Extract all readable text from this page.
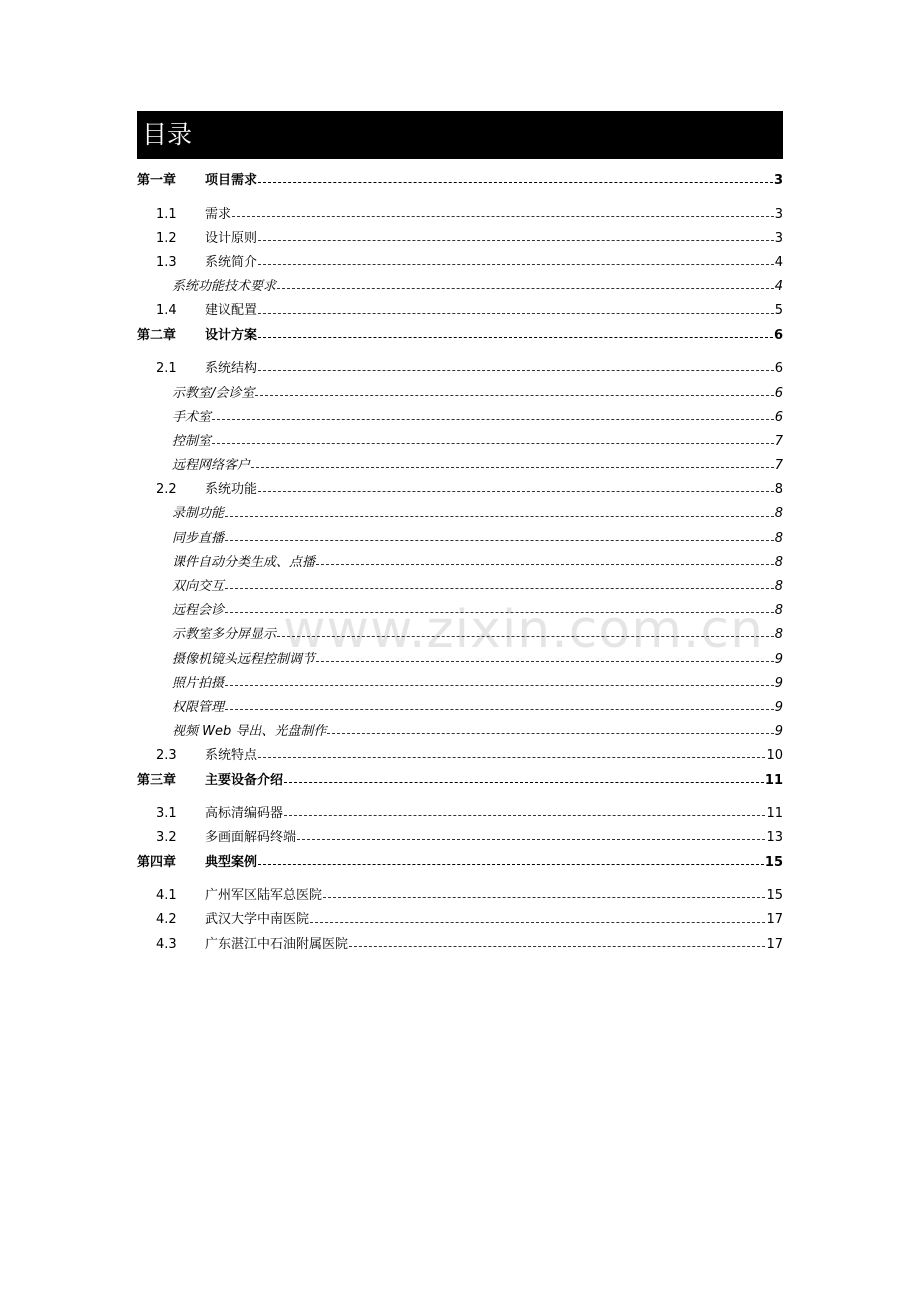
目录
第一章	项目需求	3
1.1	需求	3
1.2	设计原则	3
1.3	系统简介	4
系统功能技术要求	4
1.4	建议配置	5
第二章	设计方案	6
2.1	系统结构	6
示教室/会诊室	6
手术室	6
控制室	7
远程网络客户	7
2.2	系统功能	8
录制功能	8
同步直播	8
课件自动分类生成、点播	8
双向交互	8
远程会诊	8
示教室多分屏显示	8
摄像机镜头远程控制调节	9
照片拍摄	9
权限管理	9
视频 Web 导出、光盘制作	9
2.3	系统特点	10
第三章	主要设备介绍	11
3.1	高标清编码器	11
3.2	多画面解码终端	13
第四章	典型案例	15
4.1	广州军区陆军总医院	15
4.2	武汉大学中南医院	17
4.3	广东湛江中石油附属医院	17
www.zixin.com.cn
